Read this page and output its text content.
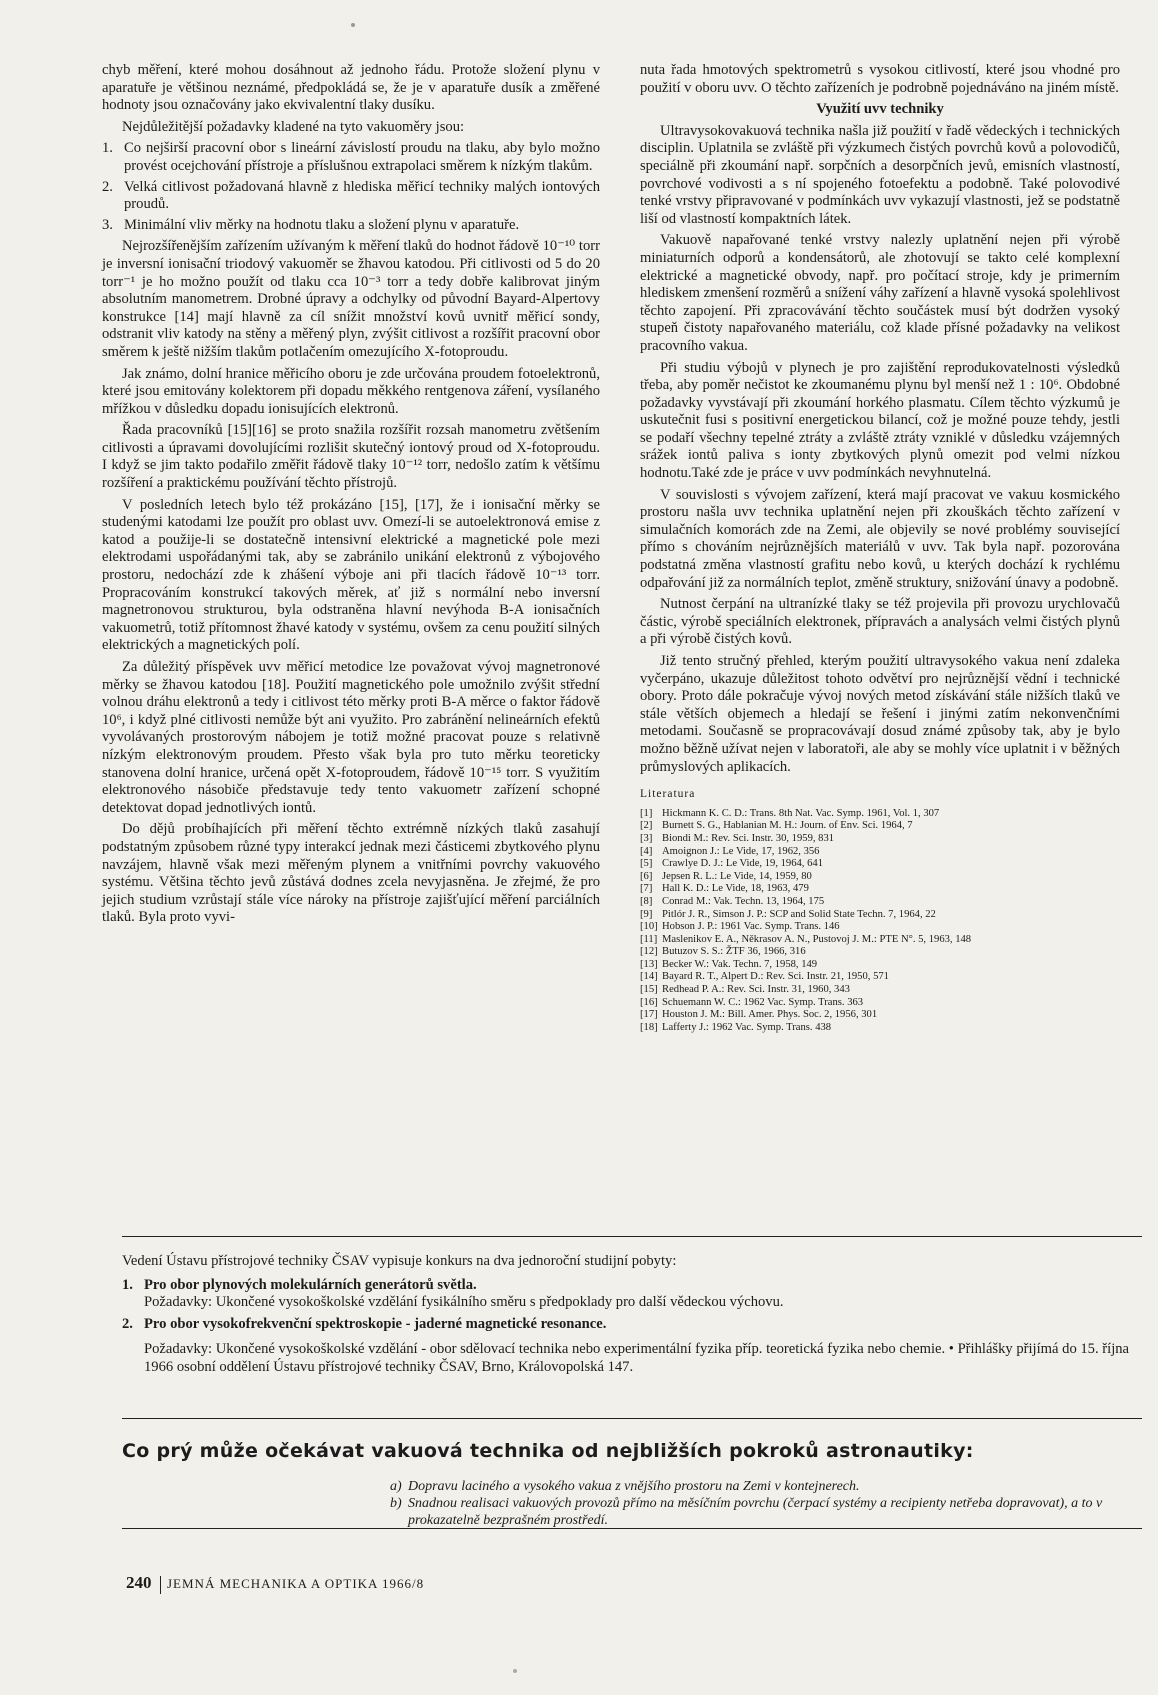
chyb měření, které mohou dosáhnout až jednoho řádu. Protože složení plynu v aparatuře je většinou neznámé, předpokládá se, že je v aparatuře dusík a změřené hodnoty jsou označovány jako ekvivalentní tlaky dusíku.

Nejdůležitější požadavky kladené na tyto vakuoměry jsou:

1. Co nejširší pracovní obor s lineární závislostí proudu na tlaku, aby bylo možno provést ocejchování přístroje a příslušnou extrapolaci směrem k nízkým tlakům.
2. Velká citlivost požadovaná hlavně z hlediska měřicí techniky malých iontových proudů.
3. Minimální vliv měrky na hodnotu tlaku a složení plynu v aparatuře.

Nejrozšířenějším zařízením užívaným k měření tlaků do hodnot řádově 10⁻¹⁰ torr je inversní ionisační triodový vakuoměr se žhavou katodou. Při citlivosti od 5 do 20 torr⁻¹ je ho možno použít od tlaku cca 10⁻³ torr a tedy dobře kalibrovat jiným absolutním manometrem. Drobné úpravy a odchylky od původní Bayard-Alpertovy konstrukce [14] mají hlavně za cíl snížit množství kovů uvnitř měřicí sondy, odstranit vliv katody na stěny a měřený plyn, zvýšit citlivost a rozšířit pracovní obor směrem k ještě nižším tlakům potlačením omezujícího X-fotoproudu.

Jak známo, dolní hranice měřicího oboru je zde určována proudem fotoelektronů, které jsou emitovány kolektorem při dopadu měkkého rentgenova záření, vysílaného mřížkou v důsledku dopadu ionisujících elektronů.

Řada pracovníků [15][16] se proto snažila rozšířit rozsah manometru zvětšením citlivosti a úpravami dovolujícími rozlišit skutečný iontový proud od X-fotoproudu. I když se jim takto podařilo změřit řádově tlaky 10⁻¹² torr, nedošlo zatím k většímu rozšíření a praktickému používání těchto přístrojů.

V posledních letech bylo též prokázáno [15], [17], že i ionisační měrky se studenými katodami lze použít pro oblast uvv. Omezí-li se autoelektronová emise z katod a použije-li se dostatečně intensivní elektrické a magnetické pole mezi elektrodami uspořádanými tak, aby se zabránilo unikání elektronů z výbojového prostoru, nedochází zde k zhášení výboje ani při tlacích řádově 10⁻¹³ torr. Propracováním konstrukcí takových měrek, ať již s normální nebo inversní magnetronovou strukturou, byla odstraněna hlavní nevýhoda B-A ionisačních vakuometrů, totiž přítomnost žhavé katody v systému, ovšem za cenu použití silných elektrických a magnetických polí.

Za důležitý příspěvek uvv měřicí metodice lze považovat vývoj magnetronové měrky se žhavou katodou [18]. Použití magnetického pole umožnilo zvýšit střední volnou dráhu elektronů a tedy i citlivost této měrky proti B-A měrce o faktor řádově 10⁶, i když plné citlivosti nemůže být ani využito. Pro zabránění nelineárních efektů vyvolávaných prostorovým nábojem je totiž možné pracovat pouze s relativně nízkým elektronovým proudem. Přesto však byla pro tuto měrku teoreticky stanovena dolní hranice, určená opět X-fotoproudem, řádově 10⁻¹⁵ torr. S využitím elektronového násobiče představuje tedy tento vakuometr zařízení schopné detektovat dopad jednotlivých iontů.

Do dějů probíhajících při měření těchto extrémně nízkých tlaků zasahují podstatným způsobem různé typy interakcí jednak mezi částicemi zbytkového plynu navzájem, hlavně však mezi měřeným plynem a vnitřními povrchy vakuového systému. Většina těchto jevů zůstává dodnes zcela nevyjasněna. Je zřejmé, že pro jejich studium vzrůstají stále více nároky na přístroje zajišťující měření parciálních tlaků. Byla proto vyvi-

nuta řada hmotových spektrometrů s vysokou citlivostí, které jsou vhodné pro použití v oboru uvv. O těchto zařízeních je podrobně pojednáváno na jiném místě.

Využití uvv techniky

Ultravysokovakuová technika našla již použití v řadě vědeckých i technických disciplin. Uplatnila se zvláště při výzkumech čistých povrchů kovů a polovodičů, speciálně při zkoumání např. sorpčních a desorpčních jevů, emisních vlastností, povrchové vodivosti a s ní spojeného fotoefektu a podobně. Také polovodivé tenké vrstvy připravované v podmínkách uvv vykazují vlastnosti, jež se podstatně liší od vlastností kompaktních látek.

Vakuově napařované tenké vrstvy nalezly uplatnění nejen při výrobě miniaturních odporů a kondensátorů, ale zhotovují se takto celé komplexní elektrické a magnetické obvody, např. pro počítací stroje, kdy je primerním hlediskem zmenšení rozměrů a snížení váhy zařízení a hlavně vysoká spolehlivost těchto zapojení. Při zpracovávání těchto součástek musí být dodržen vysoký stupeň čistoty napařovaného materiálu, což klade přísné požadavky na velikost pracovního vakua.

Při studiu výbojů v plynech je pro zajištění reprodukovatelnosti výsledků třeba, aby poměr nečistot ke zkoumanému plynu byl menší než 1 : 10⁶. Obdobné požadavky vyvstávají při zkoumání horkého plasmatu. Cílem těchto výzkumů je uskutečnit fusi s positivní energetickou bilancí, což je možné pouze tehdy, jestli se podaří všechny tepelné ztráty a zvláště ztráty vzniklé v důsledku vzájemných srážek iontů paliva s ionty zbytkových plynů omezit pod velmi nízkou hodnotu.Také zde je práce v uvv podmínkách nevyhnutelná.

V souvislosti s vývojem zařízení, která mají pracovat ve vakuu kosmického prostoru našla uvv technika uplatnění nejen při zkouškách těchto zařízení v simulačních komorách zde na Zemi, ale objevily se nové problémy související přímo s chováním nejrůznějších materiálů v uvv. Tak byla např. pozorována podstatná změna vlastností grafitu nebo kovů, u kterých dochází k rychlému odpařování již za normálních teplot, změně struktury, snižování únavy a podobně.

Nutnost čerpání na ultranízké tlaky se též projevila při provozu urychlovačů částic, výrobě speciálních elektronek, přípravách a analysách velmi čistých plynů a při výrobě čistých kovů.

Již tento stručný přehled, kterým použití ultravysokého vakua není zdaleka vyčerpáno, ukazuje důležitost tohoto odvětví pro nejrůznější vědní i technické obory. Proto dále pokračuje vývoj nových metod získávání stále nižších tlaků ve stále větších objemech a hledají se řešení i jinými zatím nekonvenčními metodami. Současně se propracovávají dosud známé způsoby tak, aby je bylo možno běžně užívat nejen v laboratoři, ale aby se mohly více uplatnit i v běžných průmyslových aplikacích.

Literatura
[1] Hickmann K. C. D.: Trans. 8th Nat. Vac. Symp. 1961, Vol. 1, 307
[2] Burnett S. G., Hablanian M. H.: Journ. of Env. Sci. 1964, 7
[3] Biondi M.: Rev. Sci. Instr. 30, 1959, 831
[4] Amoignon J.: Le Vide, 17, 1962, 356
[5] Crawlye D. J.: Le Vide, 19, 1964, 641
[6] Jepsen R. L.: Le Vide, 14, 1959, 80
[7] Hall K. D.: Le Vide, 18, 1963, 479
[8] Conrad M.: Vak. Techn. 13, 1964, 175
[9] Pitlór J. R., Simson J. P.: SCP and Solid State Techn. 7, 1964, 22
[10] Hobson J. P.: 1961 Vac. Symp. Trans. 146
[11] Maslenikov E. A., Někrasov A. N., Pustovoj J. M.: PTE N°. 5, 1963, 148
[12] Butuzov S. S.: ŽTF 36, 1966, 316
[13] Becker W.: Vak. Techn. 7, 1958, 149
[14] Bayard R. T., Alpert D.: Rev. Sci. Instr. 21, 1950, 571
[15] Redhead P. A.: Rev. Sci. Instr. 31, 1960, 343
[16] Schuemann W. C.: 1962 Vac. Symp. Trans. 363
[17] Houston J. M.: Bill. Amer. Phys. Soc. 2, 1956, 301
[18] Lafferty J.: 1962 Vac. Symp. Trans. 438

Vedení Ústavu přístrojové techniky ČSAV vypisuje konkurs na dva jednoroční studijní pobyty:

1. Pro obor plynových molekulárních generátorů světla.

Požadavky: Ukončené vysokoškolské vzdělání fysikálního směru s předpoklady pro další vědeckou výchovu.

2. Pro obor vysokofrekvenční spektroskopie - jaderné magnetické resonance.

Požadavky: Ukončené vysokoškolské vzdělání - obor sdělovací technika nebo experimentální fyzika příp. teoretická fyzika nebo chemie. • Přihlášky přijímá do 15. října 1966 osobní oddělení Ústavu přístrojové techniky ČSAV, Brno, Královopolská 147.

Co prý může očekávat vakuová technika od nejbližších pokroků astronautiky:
a) Dopravu laciného a vysokého vakua z vnějšího prostoru na Zemi v kontejnerech.
b) Snadnou realisaci vakuových provozů přímo na měsíčním povrchu (čerpací systémy a recipienty netřeba dopravovat), a to v prokazatelně bezprašném prostředí.
240 JEMNÁ MECHANIKA A OPTIKA 1966/8
